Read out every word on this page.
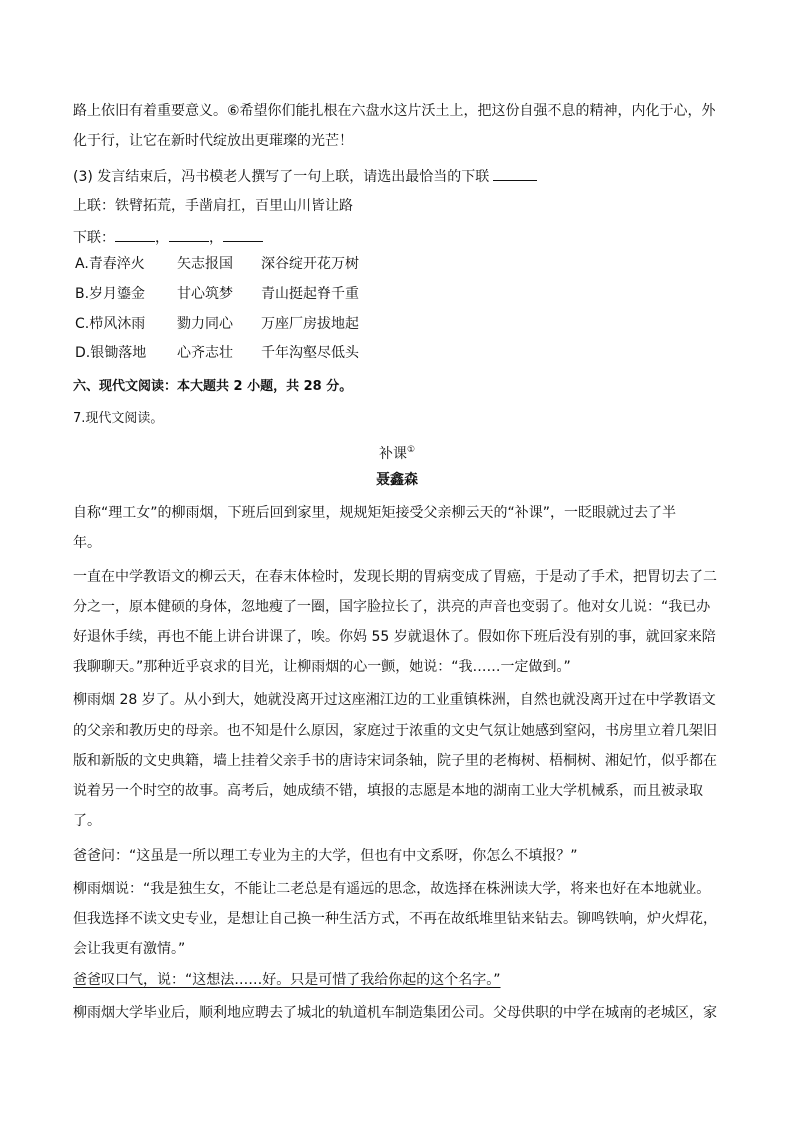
路上依旧有着重要意义。⑥希望你们能扎根在六盘水这片沃土上，把这份自强不息的精神，内化于心，外
化于行，让它在新时代绽放出更璀璨的光芒！
(3) 发言结束后，冯书模老人撰写了一句上联，请选出最恰当的下联
上联：铁臂拓荒，手凿肩扛，百里山川皆让路
下联：	，	，
A.青春淬火 矢志报国 深谷绽开花万树
B.岁月鎏金 甘心筑梦 青山挺起脊千重
C.栉风沐雨 勠力同心 万座厂房拔地起
D.银锄落地 心齐志壮 千年沟壑尽低头
六、现代文阅读：本大题共 2 小题，共 28 分。
7.现代文阅读。
补课①
聂鑫森
自称“理工女”的柳雨烟，下班后回到家里，规规矩矩接受父亲柳云天的“补课”，一眨眼就过去了半
年。
一直在中学教语文的柳云天，在春末体检时，发现长期的胃病变成了胃癌，于是动了手术，把胃切去了二
分之一，原本健硕的身体，忽地瘦了一圈，国字脸拉长了，洪亮的声音也变弱了。他对女儿说：“我已办
好退休手续，再也不能上讲台讲课了，唉。你妈 55 岁就退休了。假如你下班后没有别的事，就回家来陪
我聊聊天。”那种近乎哀求的目光，让柳雨烟的心一颤，她说：“我……一定做到。”
柳雨烟 28 岁了。从小到大，她就没离开过这座湘江边的工业重镇株洲，自然也就没离开过在中学教语文
的父亲和教历史的母亲。也不知是什么原因，家庭过于浓重的文史气氛让她感到窒闷，书房里立着几架旧
版和新版的文史典籍，墙上挂着父亲手书的唐诗宋词条轴，院子里的老梅树、梧桐树、湘妃竹，似乎都在
说着另一个时空的故事。高考后，她成绩不错，填报的志愿是本地的湖南工业大学机械系，而且被录取
了。
爸爸问：“这虽是一所以理工专业为主的大学，但也有中文系呀，你怎么不填报？”
柳雨烟说：“我是独生女，不能让二老总是有遥远的思念，故选择在株洲读大学，将来也好在本地就业。
但我选择不读文史专业，是想让自己换一种生活方式，不再在故纸堆里钻来钻去。铆鸣铁响，炉火焊花，
会让我更有激情。”
爸爸叹口气，说：“这想法……好。只是可惜了我给你起的这个名字。”
柳雨烟大学毕业后，顺利地应聘去了城北的轨道机车制造集团公司。父母供职的中学在城南的老城区，家
